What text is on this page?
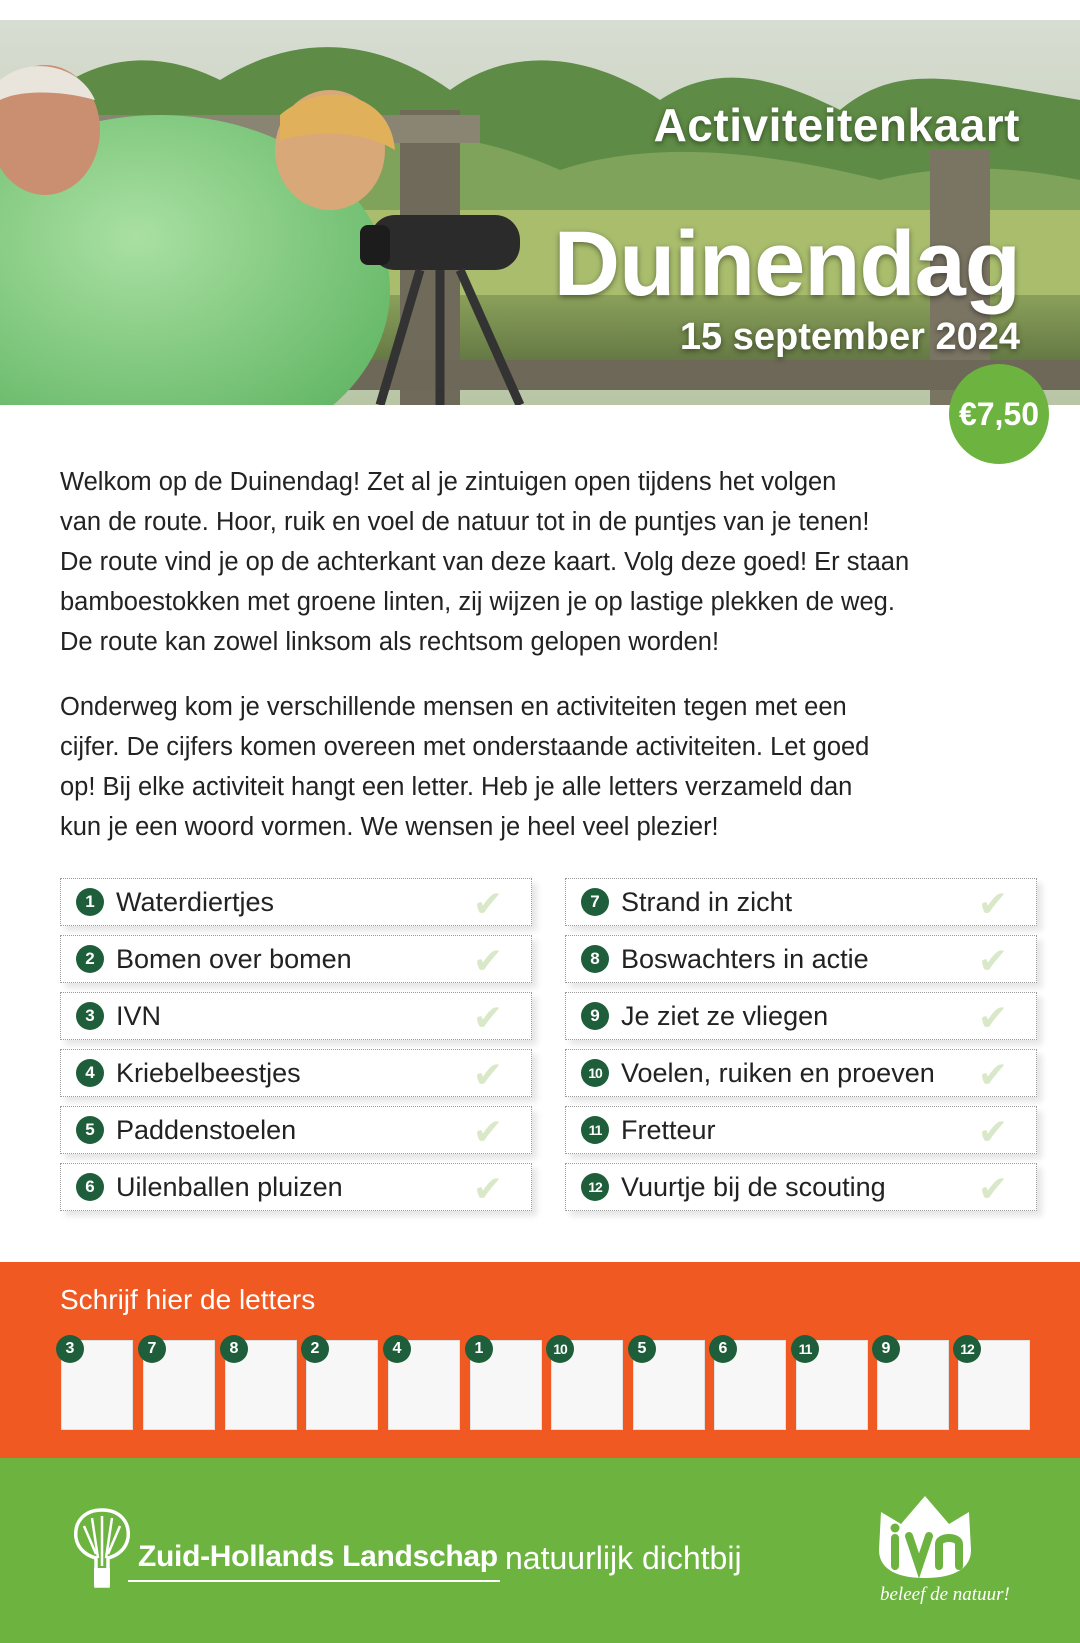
Activiteitenkaart
Duinendag
15 september 2024
€7,50
Welkom op de Duinendag! Zet al je zintuigen open tijdens het volgen
van de route. Hoor, ruik en voel de natuur tot in de puntjes van je tenen!
De route vind je op de achterkant van deze kaart. Volg deze goed! Er staan
bamboestokken met groene linten, zij wijzen je op lastige plekken de weg.
De route kan zowel linksom als rechtsom gelopen worden!
Onderweg kom je verschillende mensen en activiteiten tegen met een
cijfer. De cijfers komen overeen met onderstaande activiteiten. Let goed
op! Bij elke activiteit hangt een letter. Heb je alle letters verzameld dan
kun je een woord vormen. We wensen je heel veel plezier!
1 Waterdiertjes	✔
2 Bomen over bomen	✔
3 IVN	✔
4 Kriebelbeestjes	✔
5 Paddenstoelen	✔
6 Uilenballen pluizen	✔
7 Strand in zicht	✔
8 Boswachters in actie	✔
9 Je ziet ze vliegen	✔
10 Voelen, ruiken en proeven ✔
11 Fretteur	✔
12 Vuurtje bij de scouting	✔
Schrijf hier de letters
3	7	8	2	4	1	10	5	6	11	9	12
Zuid-Hollands Landschap natuurlijk dichtbij
beleef de natuur!
